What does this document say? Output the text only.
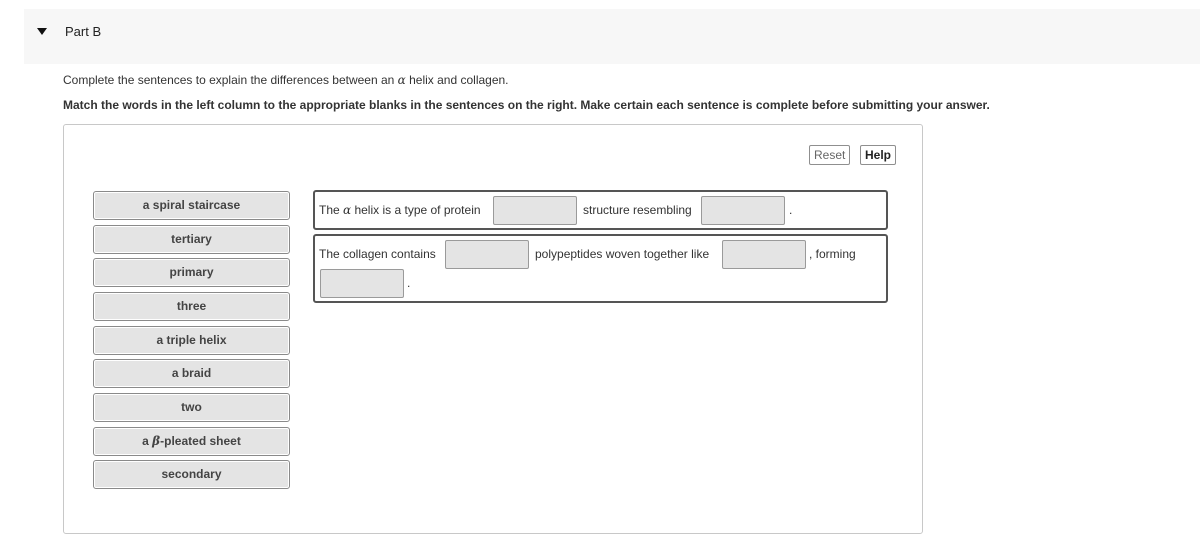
Part B
Complete the sentences to explain the differences between an α helix and collagen.
Match the words in the left column to the appropriate blanks in the sentences on the right. Make certain each sentence is complete before submitting your answer.
Reset	Help
a spiral staircase
tertiary
primary
three
a triple helix
a braid
two
a β-pleated sheet
secondary
The α helix is a type of protein	structure resembling	.
The collagen contains	polypeptides woven together like	, forming
.
